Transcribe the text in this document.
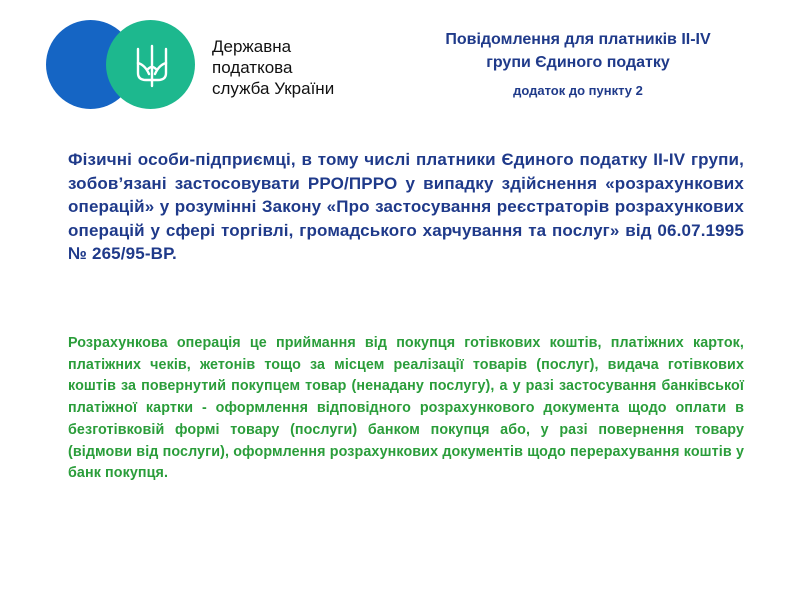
Державна
податкова
служба України
Повідомлення для платників ІІ-ІV
групи Єдиного податку
додаток до пункту 2
Фізичні особи-підприємці, в тому числі платники Єдиного податку ІІ-ІV групи, зобов’язані застосовувати РРО/ПРРО у випадку здійснення «розрахункових операцій» у розумінні Закону «Про застосування реєстраторів розрахункових операцій у сфері торгівлі, громадського харчування та послуг» від 06.07.1995 № 265/95-ВР.
Розрахункова операція це приймання від покупця готівкових коштів, платіжних карток, платіжних чеків, жетонів тощо за місцем реалізації товарів (послуг), видача готівкових коштів за повернутий покупцем товар (ненадану послугу), а у разі застосування банківської платіжної картки - оформлення відповідного розрахункового документа щодо оплати в безготівковій формі товару (послуги) банком покупця або, у разі повернення товару (відмови від послуги), оформлення розрахункових документів щодо перерахування коштів у банк покупця.
